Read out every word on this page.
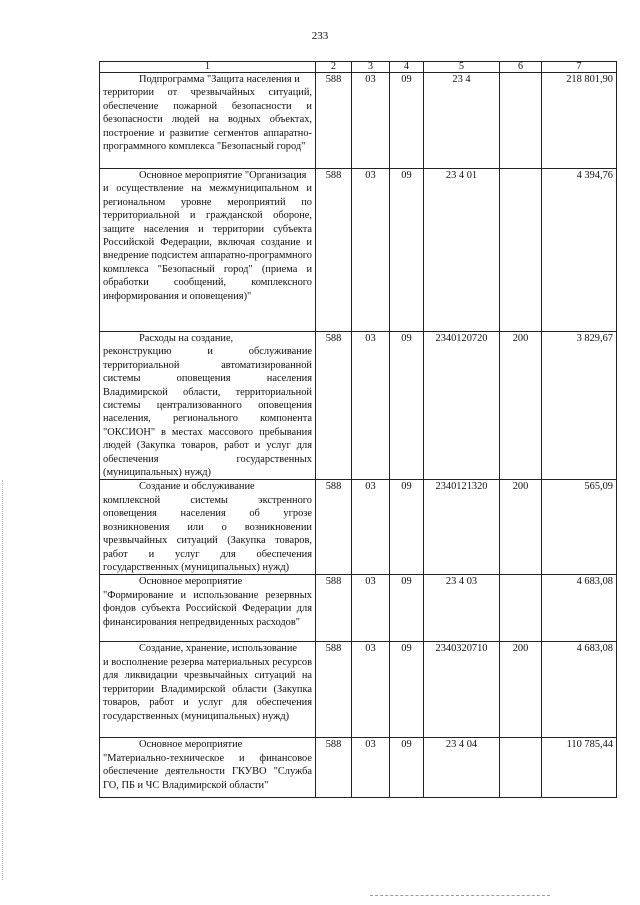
233
1	2	3	4	5	6	7

Подпрограмма "Защита населения и
территории от чрезвычайных ситуаций, обеспечение пожарной безопасности и безопасности людей на водных объектах, построение и развитие сегментов аппаратно-программного комплекса "Безопасный город"	588	03	09	23 4		218 801,90

Основное мероприятие "Организация
и осуществление на межмуниципальном и региональном уровне мероприятий по территориальной и гражданской обороне, защите населения и территории субъекта Российской Федерации, включая создание и внедрение подсистем аппаратно-программного комплекса "Безопасный город" (приема и обработки сообщений, комплексного информирования и оповещения)"	588	03	09	23 4 01		4 394,76

Расходы на создание,
реконструкцию и обслуживание территориальной автоматизированной системы оповещения населения Владимирской области, территориальной системы централизованного оповещения населения, регионального компонента "ОКСИОН" в местах массового пребывания людей (Закупка товаров, работ и услуг для обеспечения государственных (муниципальных) нужд)	588	03	09	2340120720	200	3 829,67

Создание и обслуживание
комплексной системы экстренного оповещения населения об угрозе возникновения или о возникновении чрезвычайных ситуаций (Закупка товаров, работ и услуг для обеспечения государственных (муниципальных) нужд)	588	03	09	2340121320	200	565,09

Основное мероприятие
"Формирование и использование резервных фондов субъекта Российской Федерации для финансирования непредвиденных расходов"	588	03	09	23 4 03		4 683,08

Создание, хранение, использование
и восполнение резерва материальных ресурсов для ликвидации чрезвычайных ситуаций на территории Владимирской области (Закупка товаров, работ и услуг для обеспечения государственных (муниципальных) нужд)	588	03	09	2340320710	200	4 683,08

Основное мероприятие
"Материально-техническое и финансовое обеспечение деятельности ГКУВО "Служба ГО, ПБ и ЧС Владимирской области"	588	03	09	23 4 04		110 785,44
